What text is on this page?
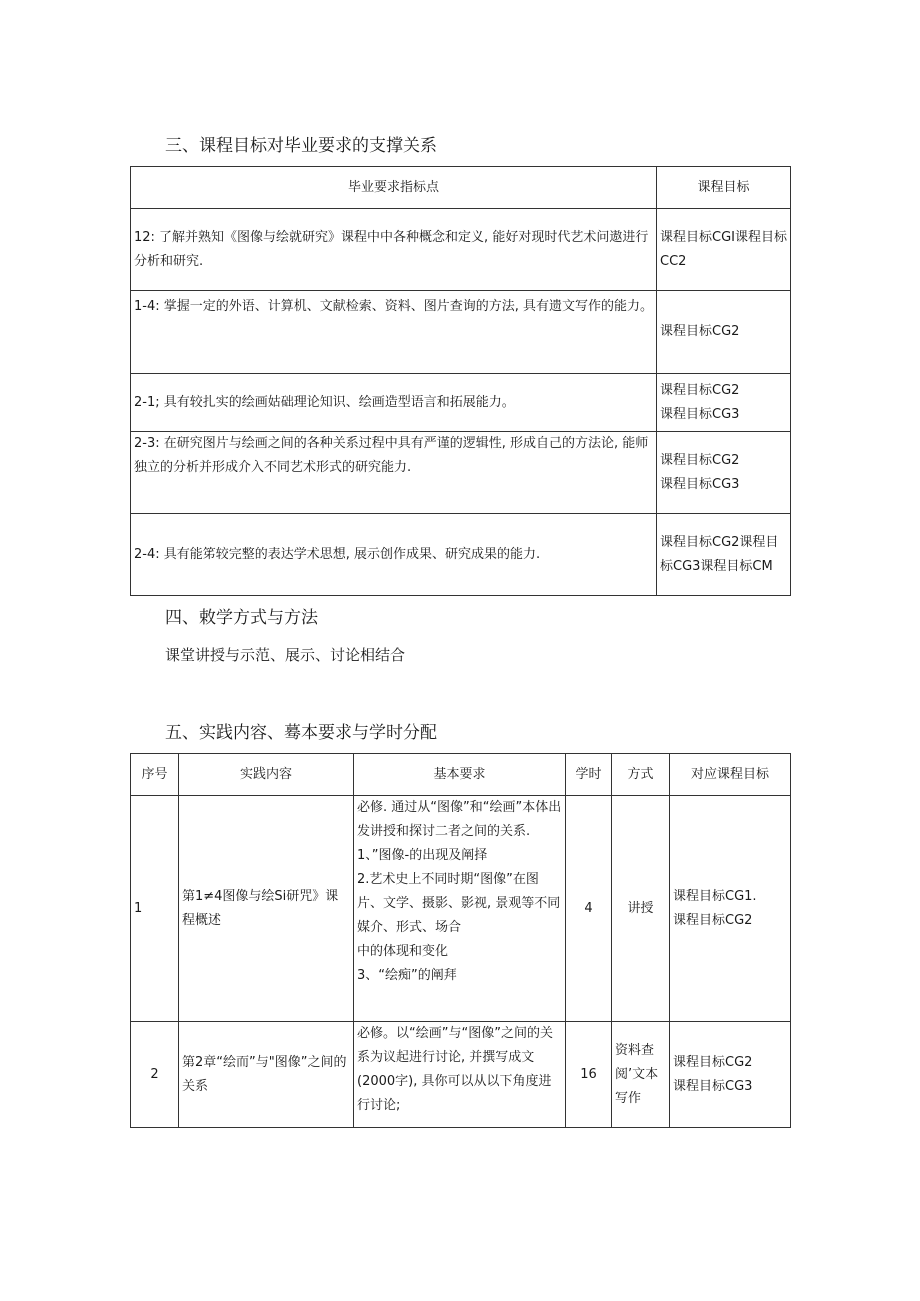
三、课程目标对毕业要求的支撑关系
毕业要求指标点	课程目标
12: 了解并熟知《图像与绘就研究》课程中中各种概念和定义, 能好对现时代艺术问遨进行分析和研究.	课程目标CGI课程目标CC2
1-4: 掌握一定的外语、计算机、文献检索、资料、图片查询的方法, 具有遗文写作的能力。	课程目标CG2
2-1; 具有较扎实的绘画姑础理论知识、绘画造型语言和拓展能力。	课程目标CG2
课程目标CG3
2-3: 在研究图片与绘画之间的各种关系过程中具有严谨的逻辑性, 形成自己的方法论, 能师独立的分析并形成介入不同艺术形式的研究能力.	课程目标CG2
课程目标CG3
2-4: 具有能笫较完整的表达学术思想, 展示创作成果、研究成果的能力.	课程目标CG2课程目标CG3课程目标CM
四、敕学方式与方法
课堂讲授与示范、展示、讨论相结合
五、实践内容、蓦本要求与学时分配
序号	实践内容	基本要求	学时	方式	对应课程目标
1	第1≠4图像与绘Si研咒》课程概述	必修. 通过从“图像”和“绘画”本体出发讲授和探讨二者之间的关系.
1、”图像-的出现及阐择
2.艺术史上不同时期“图像”在图片、文学、摄影、影视, 景观等不同媒介、形式、场合
中的体现和变化
3、“绘痴”的阐拜	4	讲授	课程目标CG1.
课程目标CG2
2	第2章“绘而”与"图像”之间的关系	必修。以“绘画”与“图像”之间的关系为议起进行讨论, 并撰写成文 (2000字), 具你可以从以下角度进行讨论;	16	资料查阅’文本写作	课程目标CG2
课程目标CG3
